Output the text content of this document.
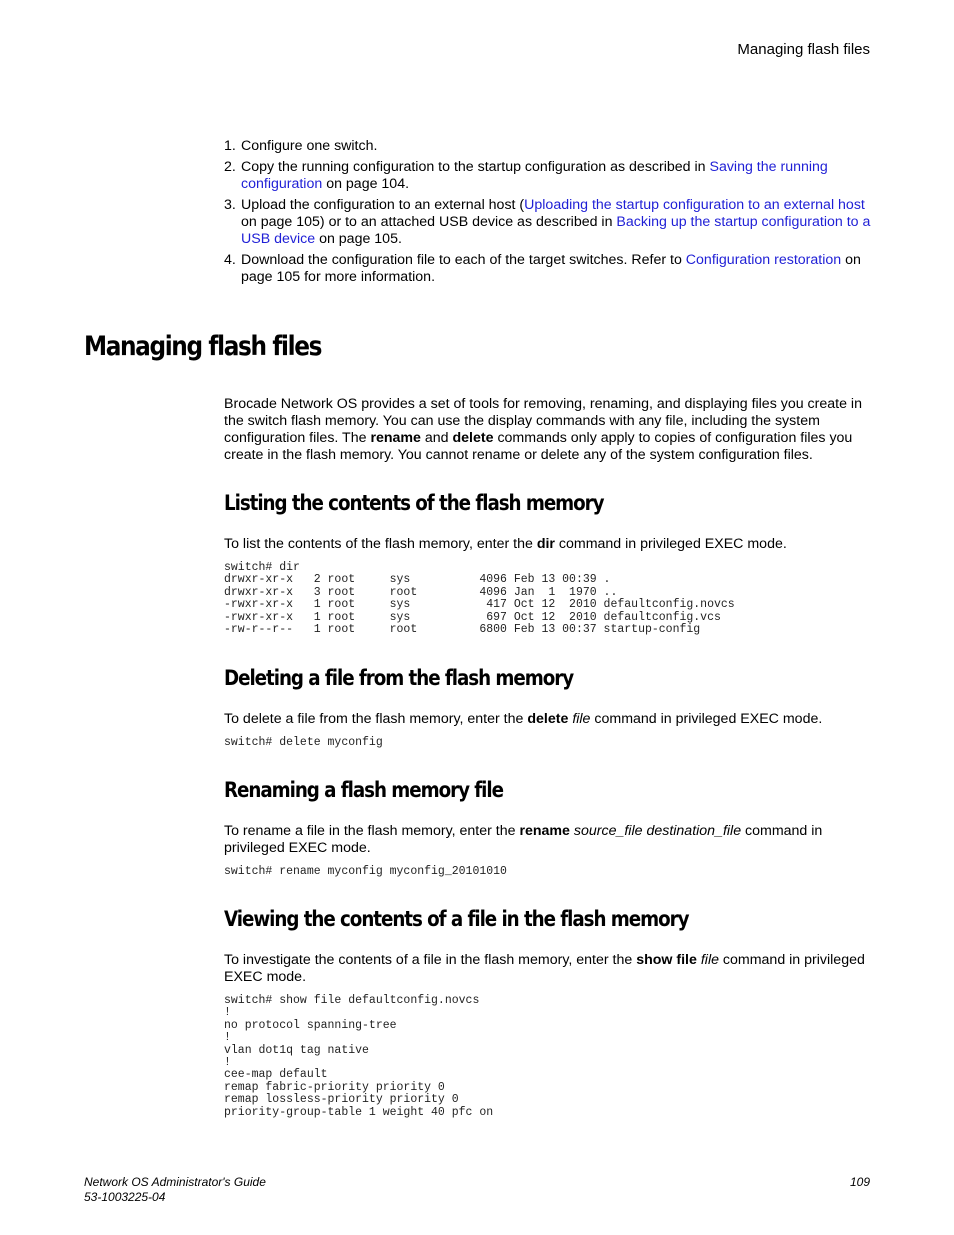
Managing flash files
1. Configure one switch.
2. Copy the running configuration to the startup configuration as described in Saving the running configuration on page 104.
3. Upload the configuration to an external host (Uploading the startup configuration to an external host on page 105) or to an attached USB device as described in Backing up the startup configuration to a USB device on page 105.
4. Download the configuration file to each of the target switches. Refer to Configuration restoration on page 105 for more information.
Managing flash files

Brocade Network OS provides a set of tools for removing, renaming, and displaying files you create in the switch flash memory. You can use the display commands with any file, including the system configuration files. The rename and delete commands only apply to copies of configuration files you create in the flash memory. You cannot rename or delete any of the system configuration files.

Listing the contents of the flash memory

To list the contents of the flash memory, enter the dir command in privileged EXEC mode.

switch# dir
drwxr-xr-x   2 root     sys          4096 Feb 13 00:39 .
drwxr-xr-x   3 root     root         4096 Jan  1  1970 ..
-rwxr-xr-x   1 root     sys           417 Oct 12  2010 defaultconfig.novcs
-rwxr-xr-x   1 root     sys           697 Oct 12  2010 defaultconfig.vcs
-rw-r--r--   1 root     root         6800 Feb 13 00:37 startup-config
Deleting a file from the flash memory

To delete a file from the flash memory, enter the delete file command in privileged EXEC mode.

switch# delete myconfig
Renaming a flash memory file

To rename a file in the flash memory, enter the rename source_file destination_file command in privileged EXEC mode.

switch# rename myconfig myconfig_20101010
Viewing the contents of a file in the flash memory

To investigate the contents of a file in the flash memory, enter the show file file command in privileged EXEC mode.

switch# show file defaultconfig.novcs
!
no protocol spanning-tree
!
vlan dot1q tag native
!
cee-map default
remap fabric-priority priority 0
remap lossless-priority priority 0
priority-group-table 1 weight 40 pfc on
Network OS Administrator's Guide
53-1003225-04
109
